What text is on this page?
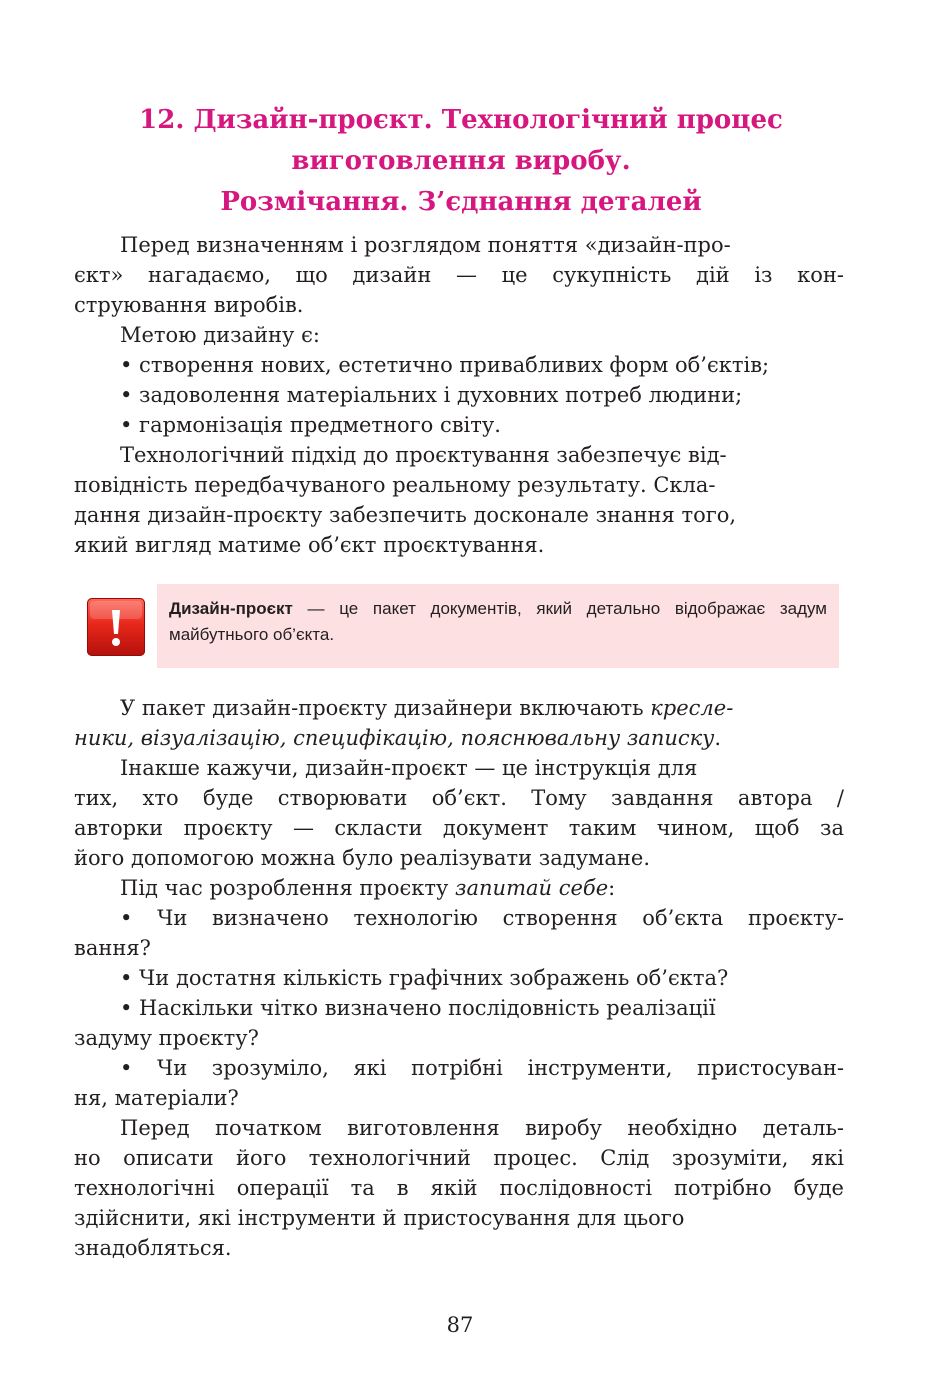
12. Дизайн-проєкт. Технологічний процес
виготовлення виробу.
Розмічання. З’єднання деталей

Перед визначенням і розглядом поняття «дизайн-про-

єкт» нагадаємо, що дизайн — це сукупність дій із кон-

струювання виробів.

Метою дизайну є:

• створення нових, естетично привабливих форм об’єктів;

• задоволення матеріальних і духовних потреб людини;

• гармонізація предметного світу.

Технологічний підхід до проєктування забезпечує від-

повідність передбачуваного реальному результату. Скла-

дання дизайн-проєкту забезпечить досконале знання того,

який вигляд матиме об’єкт проєктування.

Дизайн-проєкт — це пакет документів, який детально відображає задум майбутнього об’єкта.

У пакет дизайн-проєкту дизайнери включають кресле-

ники, візуалізацію, специфікацію, пояснювальну записку.

Інакше кажучи, дизайн-проєкт — це інструкція для

тих, хто буде створювати об’єкт. Тому завдання автора /

авторки проєкту — скласти документ таким чином, щоб за

його допомогою можна було реалізувати задумане.

Під час розроблення проєкту запитай себе:

• Чи визначено технологію створення об’єкта проєкту-

вання?

• Чи достатня кількість графічних зображень об’єкта?

• Наскільки чітко визначено послідовність реалізації

задуму проєкту?

• Чи зрозуміло, які потрібні інструменти, пристосуван-

ня, матеріали?

Перед початком виготовлення виробу необхідно деталь-

но описати його технологічний процес. Слід зрозуміти, які

технологічні операції та в якій послідовності потрібно буде

здійснити, які інструменти й пристосування для цього

знадобляться.

87
